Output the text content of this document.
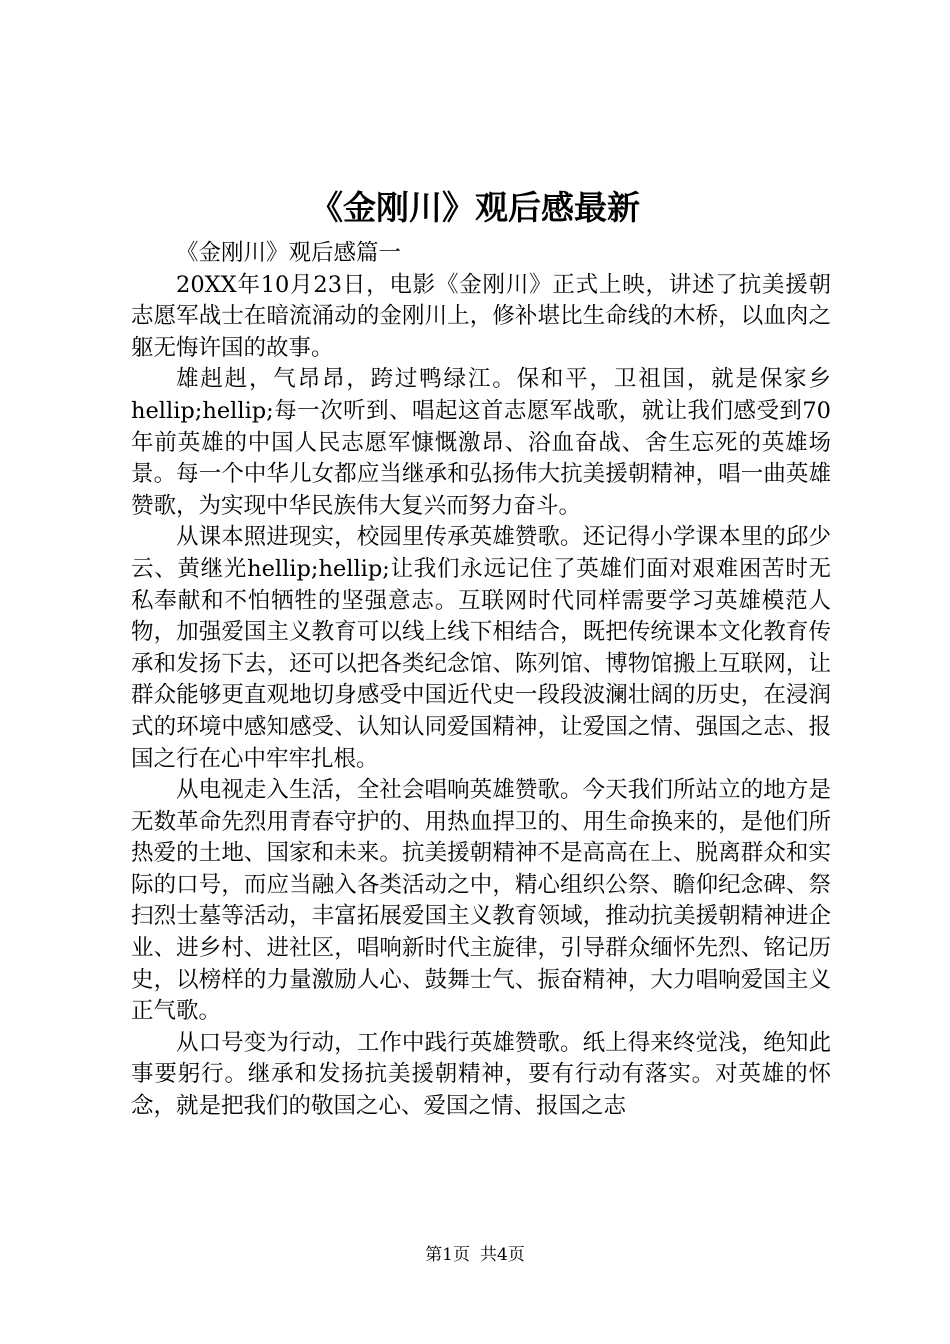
《金刚川》观后感最新

《金刚川》观后感篇一

20XX年10月23日，电影《金刚川》正式上映，讲述了抗美援朝志愿军战士在暗流涌动的金刚川上，修补堪比生命线的木桥，以血肉之躯无悔许国的故事。

雄赳赳，气昂昂，跨过鸭绿江。保和平，卫祖国，就是保家乡hellip;hellip;每一次听到、唱起这首志愿军战歌，就让我们感受到70年前英雄的中国人民志愿军慷慨激昂、浴血奋战、舍生忘死的英雄场景。每一个中华儿女都应当继承和弘扬伟大抗美援朝精神，唱一曲英雄赞歌，为实现中华民族伟大复兴而努力奋斗。

从课本照进现实，校园里传承英雄赞歌。还记得小学课本里的邱少云、黄继光hellip;hellip;让我们永远记住了英雄们面对艰难困苦时无私奉献和不怕牺牲的坚强意志。互联网时代同样需要学习英雄模范人物，加强爱国主义教育可以线上线下相结合，既把传统课本文化教育传承和发扬下去，还可以把各类纪念馆、陈列馆、博物馆搬上互联网，让群众能够更直观地切身感受中国近代史一段段波澜壮阔的历史，在浸润式的环境中感知感受、认知认同爱国精神，让爱国之情、强国之志、报国之行在心中牢牢扎根。

从电视走入生活，全社会唱响英雄赞歌。今天我们所站立的地方是无数革命先烈用青春守护的、用热血捍卫的、用生命换来的，是他们所热爱的土地、国家和未来。抗美援朝精神不是高高在上、脱离群众和实际的口号，而应当融入各类活动之中，精心组织公祭、瞻仰纪念碑、祭扫烈士墓等活动，丰富拓展爱国主义教育领域，推动抗美援朝精神进企业、进乡村、进社区，唱响新时代主旋律，引导群众缅怀先烈、铭记历史，以榜样的力量激励人心、鼓舞士气、振奋精神，大力唱响爱国主义正气歌。

从口号变为行动，工作中践行英雄赞歌。纸上得来终觉浅，绝知此事要躬行。继承和发扬抗美援朝精神，要有行动有落实。对英雄的怀念，就是把我们的敬国之心、爱国之情、报国之志

第1页 共4页
